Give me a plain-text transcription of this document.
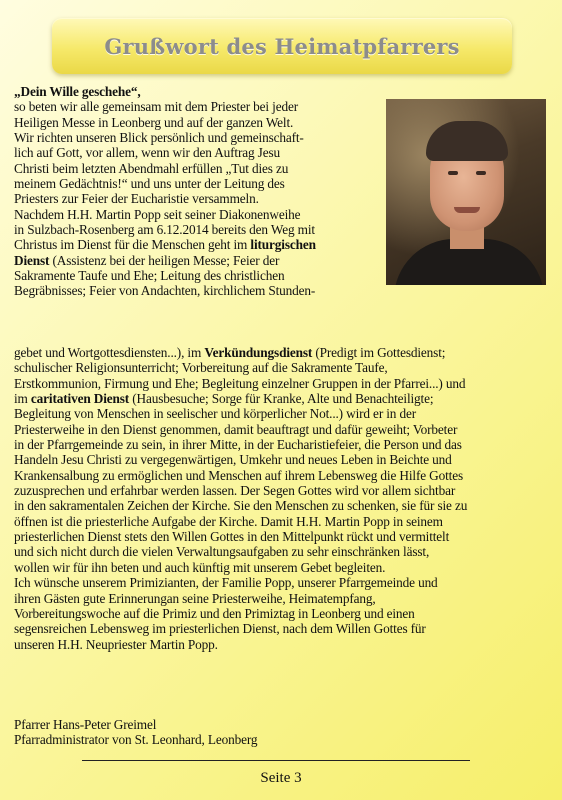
Grußwort des Heimatpfarrers
„Dein Wille geschehe“,
so beten wir alle gemeinsam mit dem Priester bei jeder
Heiligen Messe in Leonberg und auf der ganzen Welt.
Wir richten unseren Blick persönlich und gemeinschaft-
lich auf Gott, vor allem, wenn wir den Auftrag Jesu
Christi beim letzten Abendmahl erfüllen „Tut dies zu
meinem Gedächtnis!“ und uns unter der Leitung des
Priesters zur Feier der Eucharistie versammeln.
Nachdem H.H. Martin Popp seit seiner Diakonenweihe
in Sulzbach-Rosenberg am 6.12.2014 bereits den Weg mit
Christus im Dienst für die Menschen geht im liturgischen
Dienst (Assistenz bei der heiligen Messe; Feier der
Sakramente Taufe und Ehe; Leitung des christlichen
Begräbnisses; Feier von Andachten, kirchlichem Stunden-
gebet und Wortgottesdiensten...), im Verkündungsdienst (Predigt im Gottesdienst;
schulischer Religionsunterricht; Vorbereitung auf die Sakramente Taufe,
Erstkommunion, Firmung und Ehe; Begleitung einzelner Gruppen in der Pfarrei...) und
im caritativen Dienst (Hausbesuche; Sorge für Kranke, Alte und Benachteiligte;
Begleitung von Menschen in seelischer und körperlicher Not...) wird er in der
Priesterweihe in den Dienst genommen, damit beauftragt und dafür geweiht; Vorbeter
in der Pfarrgemeinde zu sein, in ihrer Mitte, in der Eucharistiefeier, die Person und das
Handeln Jesu Christi zu vergegenwärtigen, Umkehr und neues Leben in Beichte und
Krankensalbung zu ermöglichen und Menschen auf ihrem Lebensweg die Hilfe Gottes
zuzusprechen und erfahrbar werden lassen. Der Segen Gottes wird vor allem sichtbar
in den sakramentalen Zeichen der Kirche. Sie den Menschen zu schenken, sie für sie zu
öffnen ist die priesterliche Aufgabe der Kirche. Damit H.H. Martin Popp in seinem
priesterlichen Dienst stets den Willen Gottes in den Mittelpunkt rückt und vermittelt
und sich nicht durch die vielen Verwaltungsaufgaben zu sehr einschränken lässt,
wollen wir für ihn beten und auch künftig mit unserem Gebet begleiten.
Ich wünsche unserem Primizianten, der Familie Popp, unserer Pfarrgemeinde und
ihren Gästen gute Erinnerungan seine Priesterweihe, Heimatempfang,
Vorbereitungswoche auf die Primiz und den Primiztag in Leonberg und einen
segensreichen Lebensweg im priesterlichen Dienst, nach dem Willen Gottes für
unseren H.H. Neupriester Martin Popp.
Pfarrer Hans-Peter Greimel
Pfarradministrator von St. Leonhard, Leonberg
Seite 3
